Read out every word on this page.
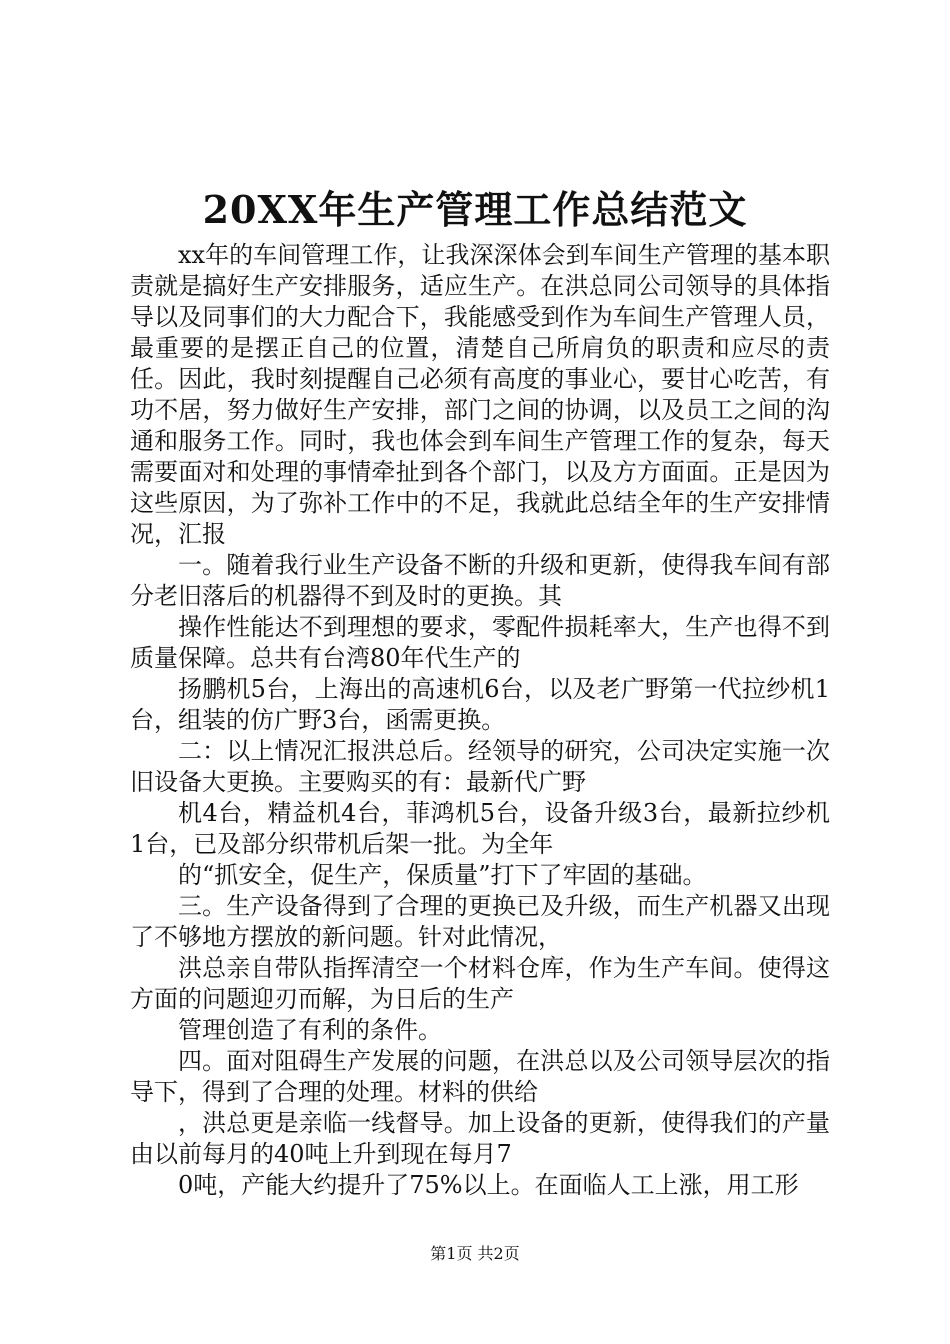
20XX年生产管理工作总结范文

xx年的车间管理工作，让我深深体会到车间生产管理的基本职责就是搞好生产安排服务，适应生产。在洪总同公司领导的具体指导以及同事们的大力配合下，我能感受到作为车间生产管理人员，最重要的是摆正自己的位置，清楚自己所肩负的职责和应尽的责任。因此，我时刻提醒自己必须有高度的事业心，要甘心吃苦，有功不居，努力做好生产安排，部门之间的协调，以及员工之间的沟通和服务工作。同时，我也体会到车间生产管理工作的复杂，每天需要面对和处理的事情牵扯到各个部门，以及方方面面。正是因为这些原因，为了弥补工作中的不足，我就此总结全年的生产安排情况，汇报

一。随着我行业生产设备不断的升级和更新，使得我车间有部分老旧落后的机器得不到及时的更换。其

操作性能达不到理想的要求，零配件损耗率大，生产也得不到质量保障。总共有台湾80年代生产的

扬鹏机5台，上海出的高速机6台，以及老广野第一代拉纱机1台，组装的仿广野3台，函需更换。

二：以上情况汇报洪总后。经领导的研究，公司决定实施一次旧设备大更换。主要购买的有：最新代广野

机4台，精益机4台，菲鸿机5台，设备升级3台，最新拉纱机1台，已及部分织带机后架一批。为全年

的“抓安全，促生产，保质量”打下了牢固的基础。

三。生产设备得到了合理的更换已及升级，而生产机器又出现了不够地方摆放的新问题。针对此情况，

洪总亲自带队指挥清空一个材料仓库，作为生产车间。使得这方面的问题迎刃而解，为日后的生产

管理创造了有利的条件。

四。面对阻碍生产发展的问题，在洪总以及公司领导层次的指导下，得到了合理的处理。材料的供给

，洪总更是亲临一线督导。加上设备的更新，使得我们的产量由以前每月的40吨上升到现在每月7

0吨，产能大约提升了75%以上。在面临人工上涨，用工形

第1页 共2页
